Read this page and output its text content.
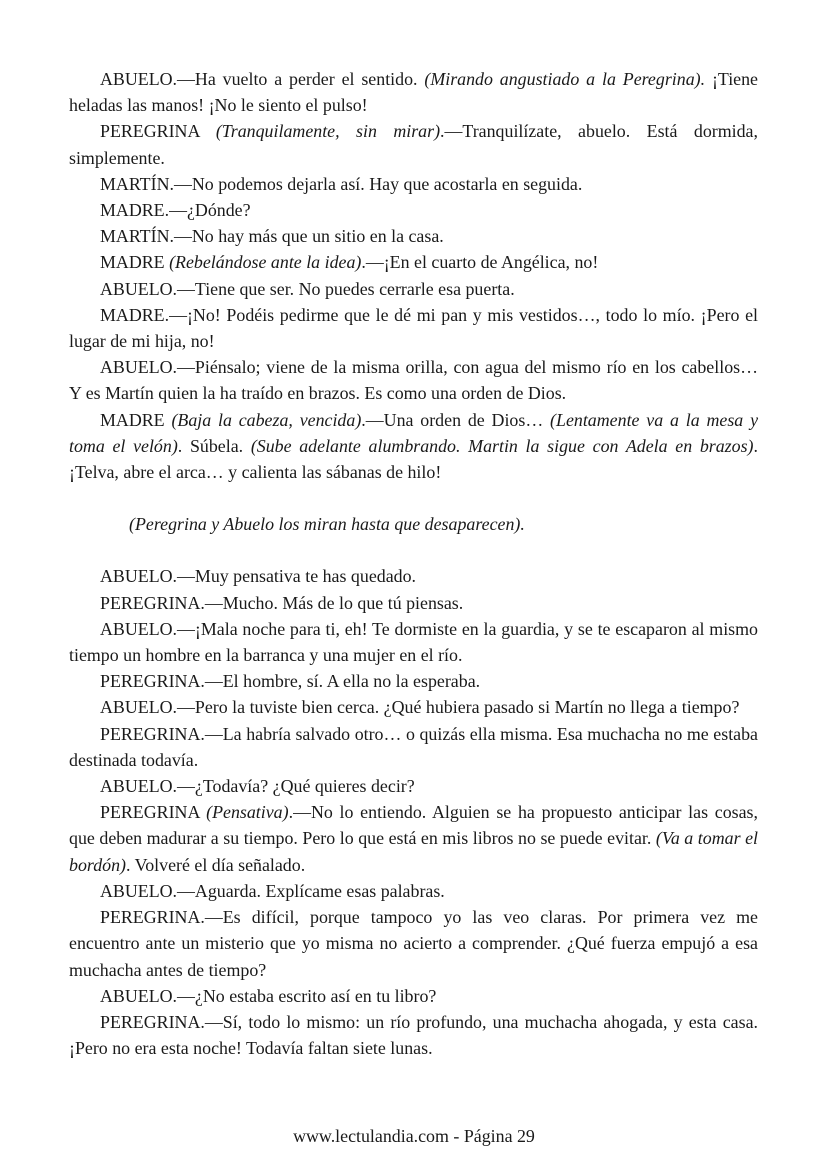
ABUELO.—Ha vuelto a perder el sentido. (Mirando angustiado a la Peregrina). ¡Tiene heladas las manos! ¡No le siento el pulso!

PEREGRINA (Tranquilamente, sin mirar).—Tranquilízate, abuelo. Está dormida, simplemente.

MARTÍN.—No podemos dejarla así. Hay que acostarla en seguida.

MADRE.—¿Dónde?

MARTÍN.—No hay más que un sitio en la casa.

MADRE (Rebelándose ante la idea).—¡En el cuarto de Angélica, no!

ABUELO.—Tiene que ser. No puedes cerrarle esa puerta.

MADRE.—¡No! Podéis pedirme que le dé mi pan y mis vestidos…, todo lo mío. ¡Pero el lugar de mi hija, no!

ABUELO.—Piénsalo; viene de la misma orilla, con agua del mismo río en los cabellos… Y es Martín quien la ha traído en brazos. Es como una orden de Dios.

MADRE (Baja la cabeza, vencida).—Una orden de Dios… (Lentamente va a la mesa y toma el velón). Súbela. (Sube adelante alumbrando. Martin la sigue con Adela en brazos). ¡Telva, abre el arca… y calienta las sábanas de hilo!

(Peregrina y Abuelo los miran hasta que desaparecen).

ABUELO.—Muy pensativa te has quedado.

PEREGRINA.—Mucho. Más de lo que tú piensas.

ABUELO.—¡Mala noche para ti, eh! Te dormiste en la guardia, y se te escaparon al mismo tiempo un hombre en la barranca y una mujer en el río.

PEREGRINA.—El hombre, sí. A ella no la esperaba.

ABUELO.—Pero la tuviste bien cerca. ¿Qué hubiera pasado si Martín no llega a tiempo?

PEREGRINA.—La habría salvado otro… o quizás ella misma. Esa muchacha no me estaba destinada todavía.

ABUELO.—¿Todavía? ¿Qué quieres decir?

PEREGRINA (Pensativa).—No lo entiendo. Alguien se ha propuesto anticipar las cosas, que deben madurar a su tiempo. Pero lo que está en mis libros no se puede evitar. (Va a tomar el bordón). Volveré el día señalado.

ABUELO.—Aguarda. Explícame esas palabras.

PEREGRINA.—Es difícil, porque tampoco yo las veo claras. Por primera vez me encuentro ante un misterio que yo misma no acierto a comprender. ¿Qué fuerza empujó a esa muchacha antes de tiempo?

ABUELO.—¿No estaba escrito así en tu libro?

PEREGRINA.—Sí, todo lo mismo: un río profundo, una muchacha ahogada, y esta casa. ¡Pero no era esta noche! Todavía faltan siete lunas.

www.lectulandia.com - Página 29
